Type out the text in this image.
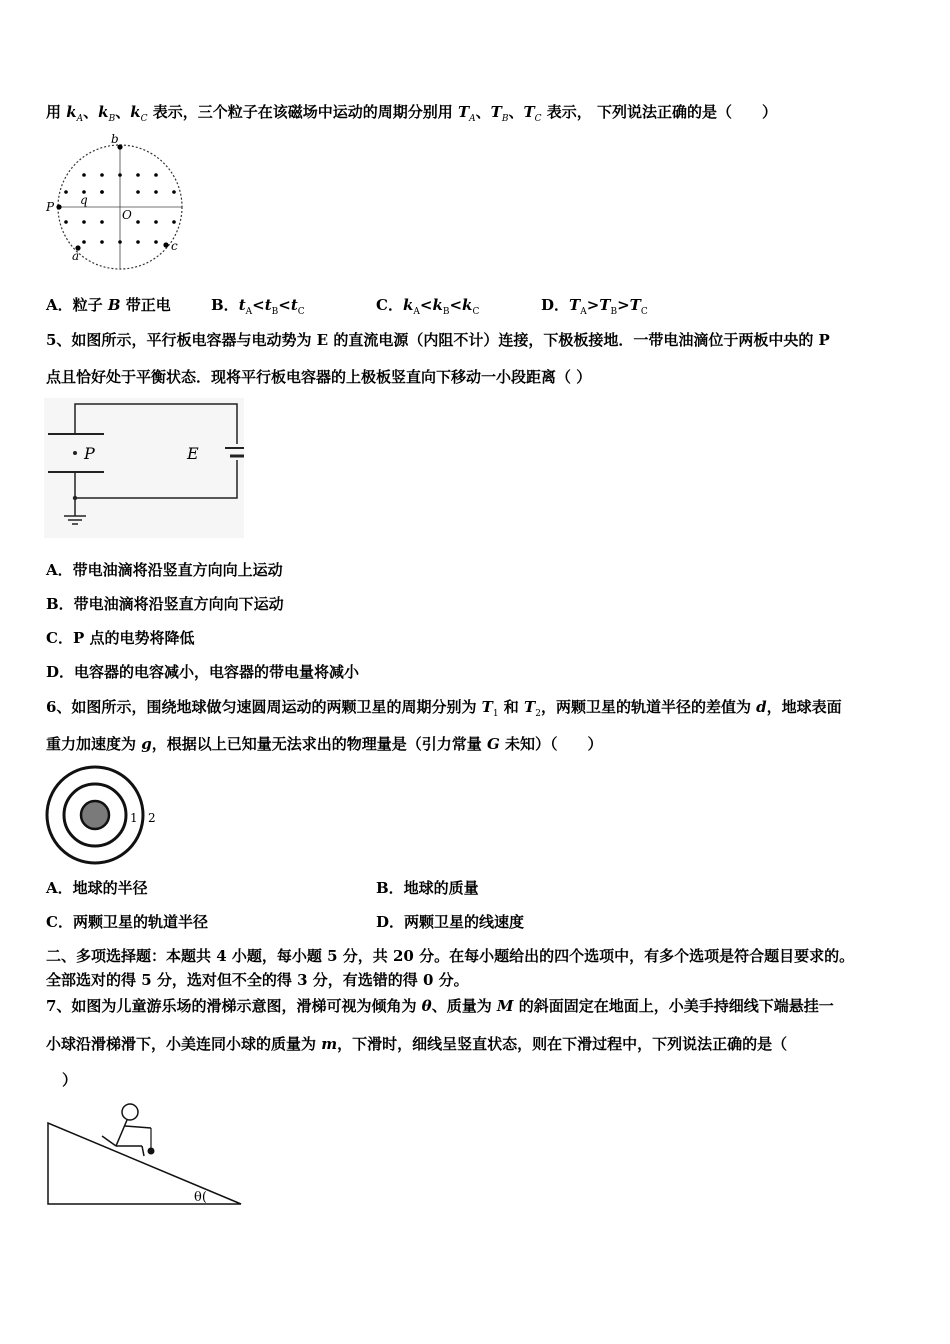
用 $k_A$、$k_B$、$k_C$ 表示，三个粒子在该磁场中运动的周期分别用 $T_A$、$T_B$、$T_C$ 表示， 下列说法正确的是（　　）
b
P q
O
c
a
A．粒子 B 带正电	B．$t_A<t_B<t_C$	C．$k_A<k_B<k_C$	D．$T_A>T_B>T_C$
5、如图所示，平行板电容器与电动势为 E 的直流电源（内阻不计）连接，下极板接地．一带电油滴位于两板中央的 P
点且恰好处于平衡状态．现将平行板电容器的上极板竖直向下移动一小段距离（ ）
P	E
A．带电油滴将沿竖直方向向上运动
B．带电油滴将沿竖直方向向下运动
C．P 点的电势将降低
D．电容器的电容减小，电容器的带电量将减小
6、如图所示，围绕地球做匀速圆周运动的两颗卫星的周期分别为 $T_1$ 和 $T_2$，两颗卫星的轨道半径的差值为 d，地球表面
重力加速度为 g，根据以上已知量无法求出的物理量是（引力常量 G 未知）（　　）
1 2
A．地球的半径	B．地球的质量
C．两颗卫星的轨道半径	D．两颗卫星的线速度
二、多项选择题：本题共 4 小题，每小题 5 分，共 20 分。在每小题给出的四个选项中，有多个选项是符合题目要求的。
全部选对的得 5 分，选对但不全的得 3 分，有选错的得 0 分。
7、如图为儿童游乐场的滑梯示意图，滑梯可视为倾角为 θ、质量为 M 的斜面固定在地面上，小美手持细线下端悬挂一
小球沿滑梯滑下，小美连同小球的质量为 m，下滑时，细线呈竖直状态，则在下滑过程中，下列说法正确的是（
）
θ(
